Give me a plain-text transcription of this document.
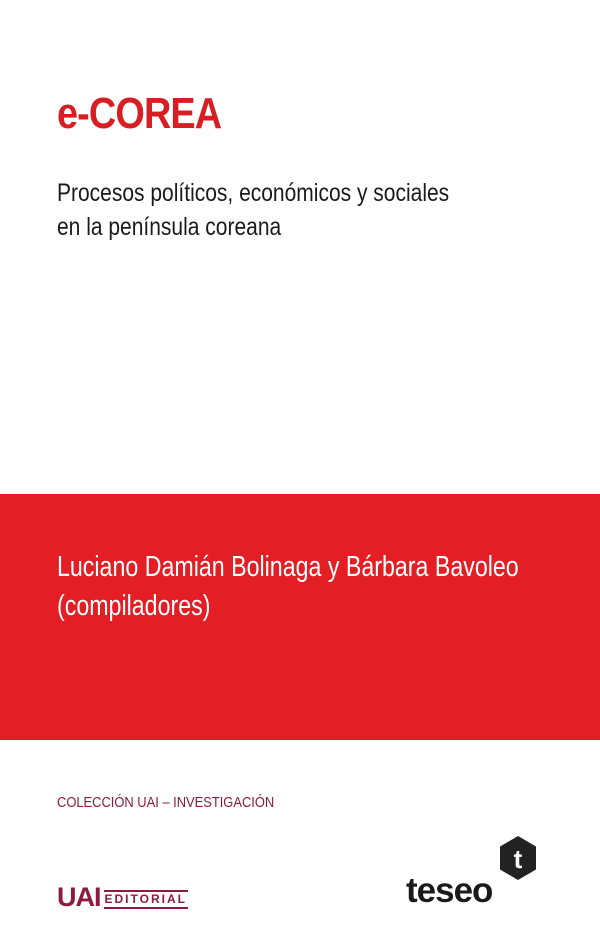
e-COREA
Procesos políticos, económicos y sociales
en la península coreana
Luciano Damián Bolinaga y Bárbara Bavoleo
(compiladores)
COLECCIÓN UAI – INVESTIGACIÓN
UAI EDITORIAL
t
teseo
